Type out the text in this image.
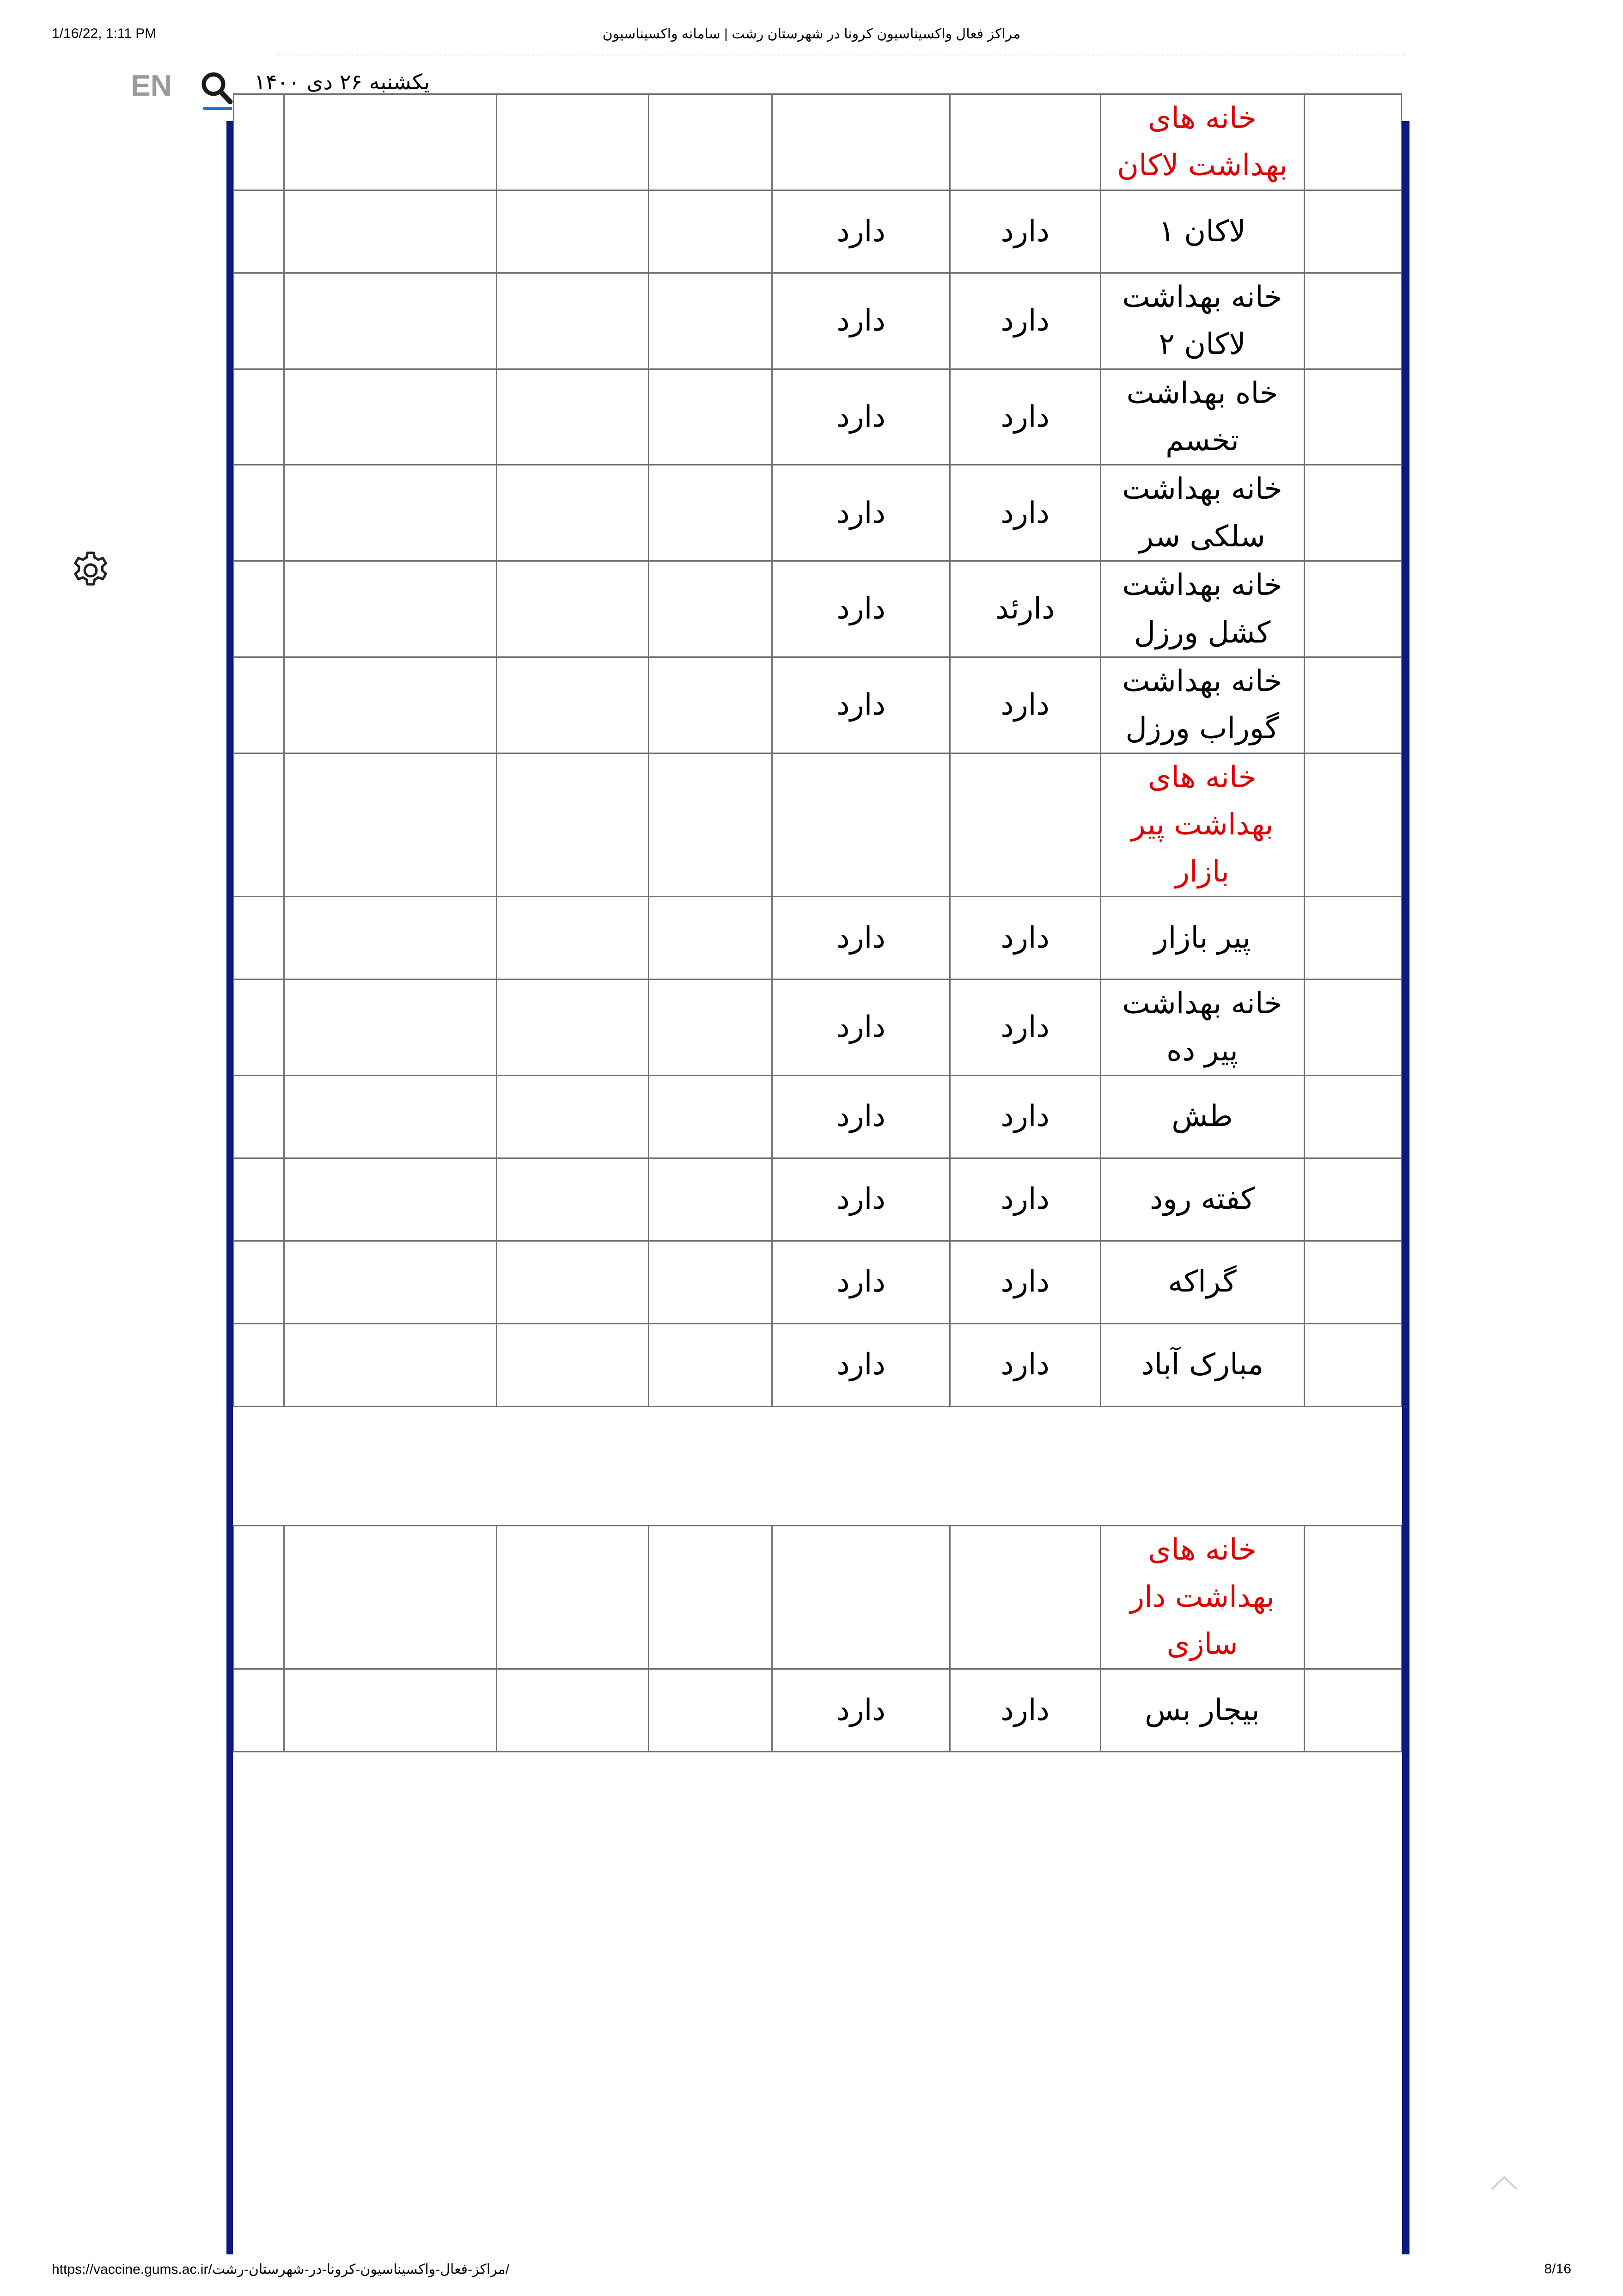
1/16/22, 1:11 PM	مراکز فعال واکسیناسیون کرونا در شهرستان رشت | سامانه واکسیناسیون
https://vaccine.gums.ac.ir/مراکز-فعال-واکسیناسیون-کرونا-در-شهرستان-رشت/	8/16
EN	یکشنبه ۲۶ دی ۱۴۰۰
	خانه های بهداشت لاکان						
	لاکان ۱	دارد	دارد				
	خانه بهداشت لاکان ۲	دارد	دارد				
	خاه بهداشت تخسم	دارد	دارد				
	خانه بهداشت سلکی سر	دارد	دارد				
	خانه بهداشت کشل ورزل	دارئد	دارد				
	خانه بهداشت گوراب ورزل	دارد	دارد				
	خانه های بهداشت پیر بازار						
	پیر بازار	دارد	دارد				
	خانه بهداشت پیر ده	دارد	دارد				
	طش	دارد	دارد				
	کفته رود	دارد	دارد				
	گراکه	دارد	دارد				
	مبارک آباد	دارد	دارد				

	خانه های بهداشت دار سازی						
	بیجار بس	دارد	دارد				
